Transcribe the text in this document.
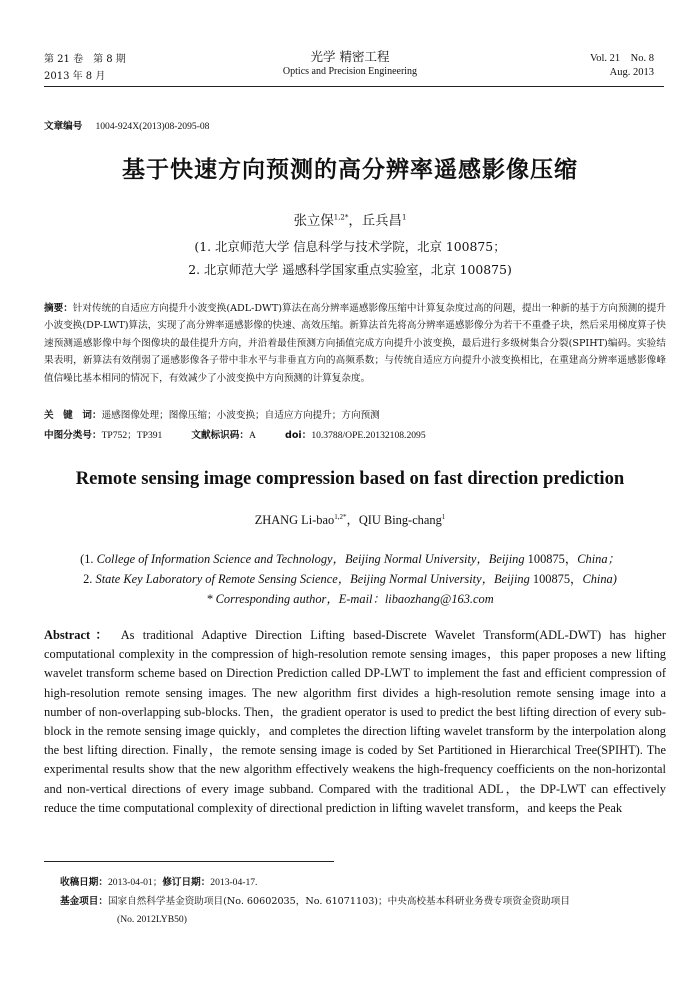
第 21 卷　第 8 期
2013 年 8 月
光学 精密工程
Optics and Precision Engineering
Vol. 21　No. 8
Aug. 2013
文章编号 1004-924X(2013)08-2095-08
基于快速方向预测的高分辨率遥感影像压缩
张立保$^{1,2*}$，丘兵昌$^1$
(1. 北京师范大学 信息科学与技术学院，北京 100875；
2. 北京师范大学 遥感科学国家重点实验室，北京 100875)
摘要：针对传统的自适应方向提升小波变换(ADL-DWT)算法在高分辨率遥感影像压缩中计算复杂度过高的问题，提出一种新的基于方向预测的提升小波变换(DP-LWT)算法，实现了高分辨率遥感影像的快速、高效压缩。新算法首先将高分辨率遥感影像分为若干不重叠子块，然后采用梯度算子快速预测遥感影像中每个图像块的最佳提升方向，并沿着最佳预测方向插值完成方向提升小波变换，最后进行多级树集合分裂(SPIHT)编码。实验结果表明，新算法有效削弱了遥感影像各子带中非水平与非垂直方向的高频系数；与传统自适应方向提升小波变换相比，在重建高分辨率遥感影像峰值信噪比基本相同的情况下，有效减少了小波变换中方向预测的计算复杂度。
关　键　词：遥感图像处理；图像压缩；小波变换；自适应方向提升；方向预测
中图分类号：TP752；TP391	文献标识码：A	doi：10.3788/OPE.20132108.2095
Remote sensing image compression based on fast direction prediction
ZHANG Li-bao$^{1,2*}$，QIU Bing-chang$^1$
(1. College of Information Science and Technology，Beijing Normal University，Beijing 100875，China；
2. State Key Laboratory of Remote Sensing Science，Beijing Normal University，Beijing 100875，China)
* Corresponding author，E-mail：libaozhang@163.com
Abstract： As traditional Adaptive Direction Lifting based-Discrete Wavelet Transform(ADL-DWT) has higher computational complexity in the compression of high-resolution remote sensing images，this paper proposes a new lifting wavelet transform scheme based on Direction Prediction called DP-LWT to implement the fast and efficient compression of high-resolution remote sensing images. The new algorithm first divides a high-resolution remote sensing image into a number of non-overlapping sub-blocks. Then，the gradient operator is used to predict the best lifting direction of every sub-block in the remote sensing image quickly，and completes the direction lifting wavelet transform by the interpolation along the best lifting direction. Finally，the remote sensing image is coded by Set Partitioned in Hierarchical Tree(SPIHT). The experimental results show that the new algorithm effectively weakens the high-frequency coefficients on the non-horizontal and non-vertical directions of every image subband. Compared with the traditional ADL，the DP-LWT can effectively reduce the time computational complexity of directional prediction in lifting wavelet transform，and keeps the Peak
收稿日期：2013-04-01；修订日期：2013-04-17.
基金项目：国家自然科学基金资助项目(No. 60602035，No. 61071103)；中央高校基本科研业务费专项资金资助项目
(No. 2012LYB50)
